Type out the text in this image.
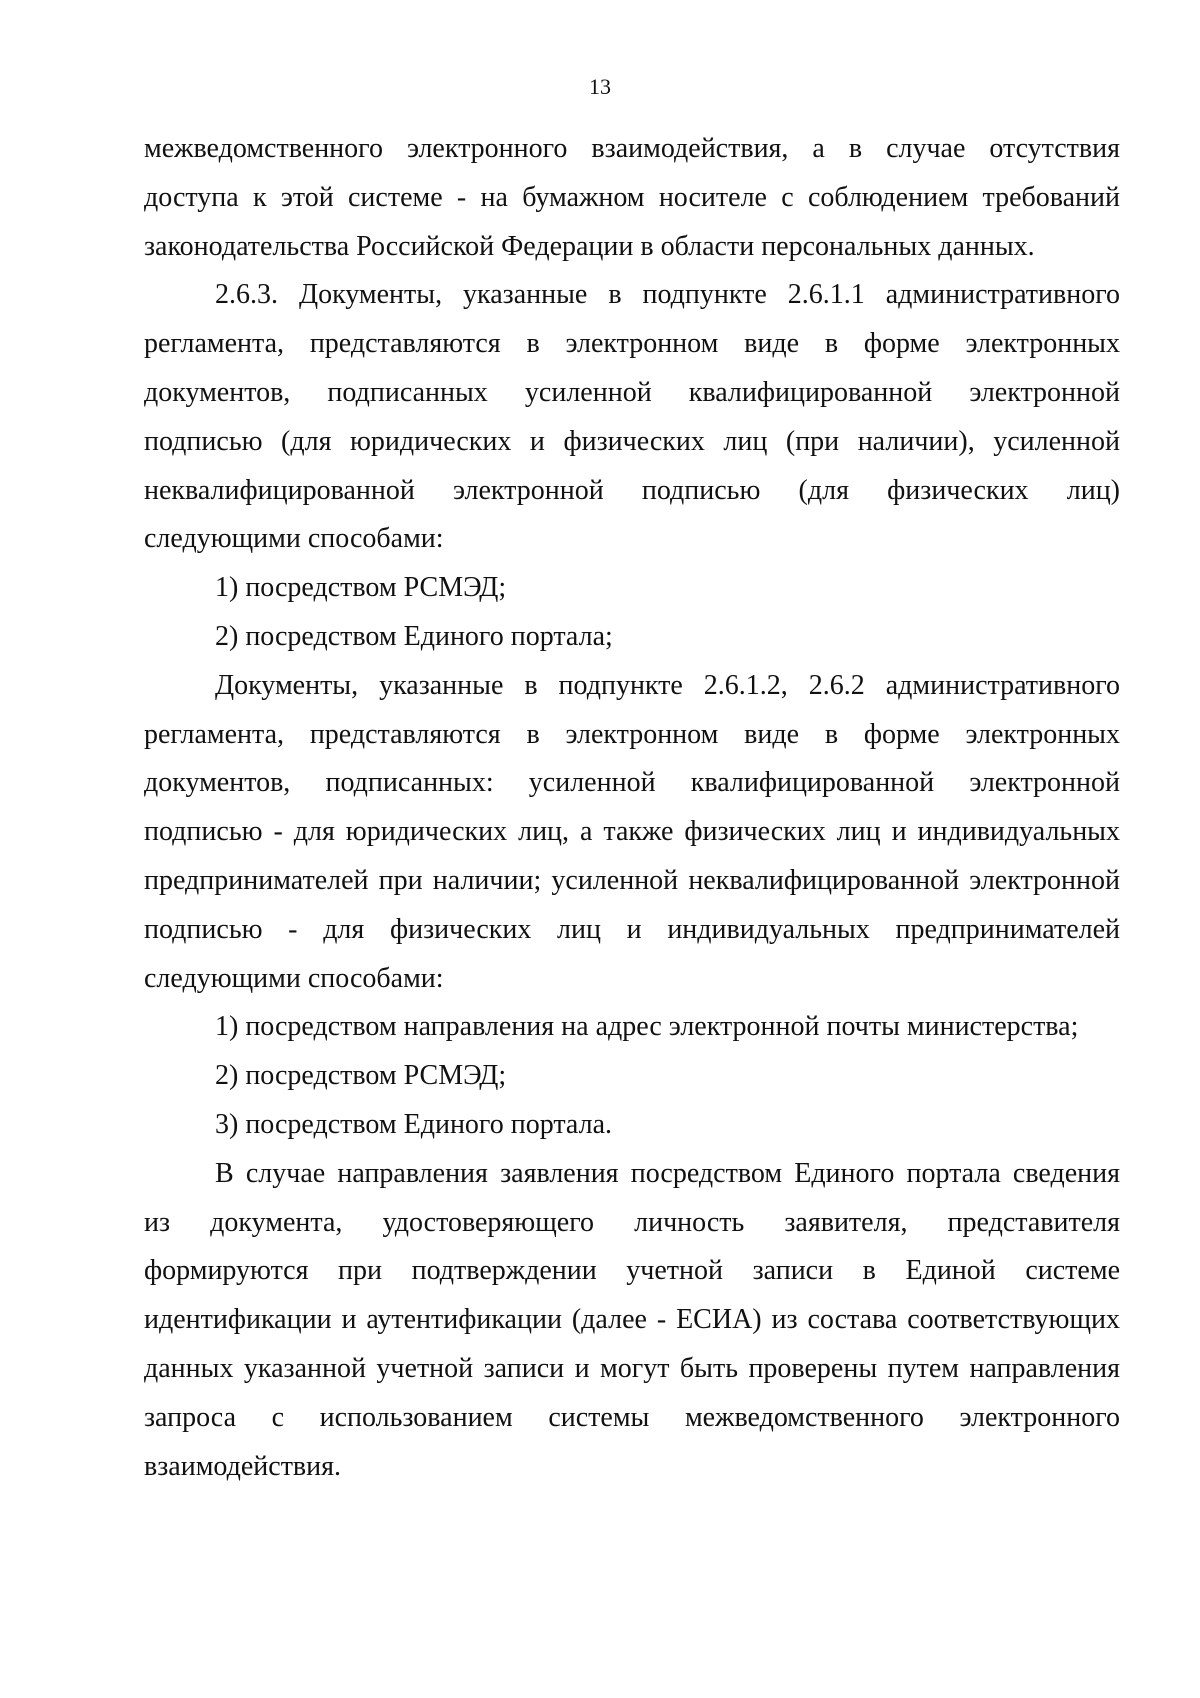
13
межведомственного электронного взаимодействия, а в случае отсутствия
доступа к этой системе - на бумажном носителе с соблюдением требований
законодательства Российской Федерации в области персональных данных.
2.6.3. Документы, указанные в подпункте 2.6.1.1 административного
регламента, представляются в электронном виде в форме электронных
документов, подписанных усиленной квалифицированной электронной
подписью (для юридических и физических лиц (при наличии), усиленной
неквалифицированной электронной подписью (для физических лиц)
следующими способами:
1) посредством РСМЭД;
2) посредством Единого портала;
Документы, указанные в подпункте 2.6.1.2, 2.6.2 административного
регламента, представляются в электронном виде в форме электронных
документов, подписанных: усиленной квалифицированной электронной
подписью - для юридических лиц, а также физических лиц и индивидуальных
предпринимателей при наличии; усиленной неквалифицированной электронной
подписью - для физических лиц и индивидуальных предпринимателей
следующими способами:
1) посредством направления на адрес электронной почты министерства;
2) посредством РСМЭД;
3) посредством Единого портала.
В случае направления заявления посредством Единого портала сведения
из документа, удостоверяющего личность заявителя, представителя
формируются при подтверждении учетной записи в Единой системе
идентификации и аутентификации (далее - ЕСИА) из состава соответствующих
данных указанной учетной записи и могут быть проверены путем направления
запроса с использованием системы межведомственного электронного
взаимодействия.
